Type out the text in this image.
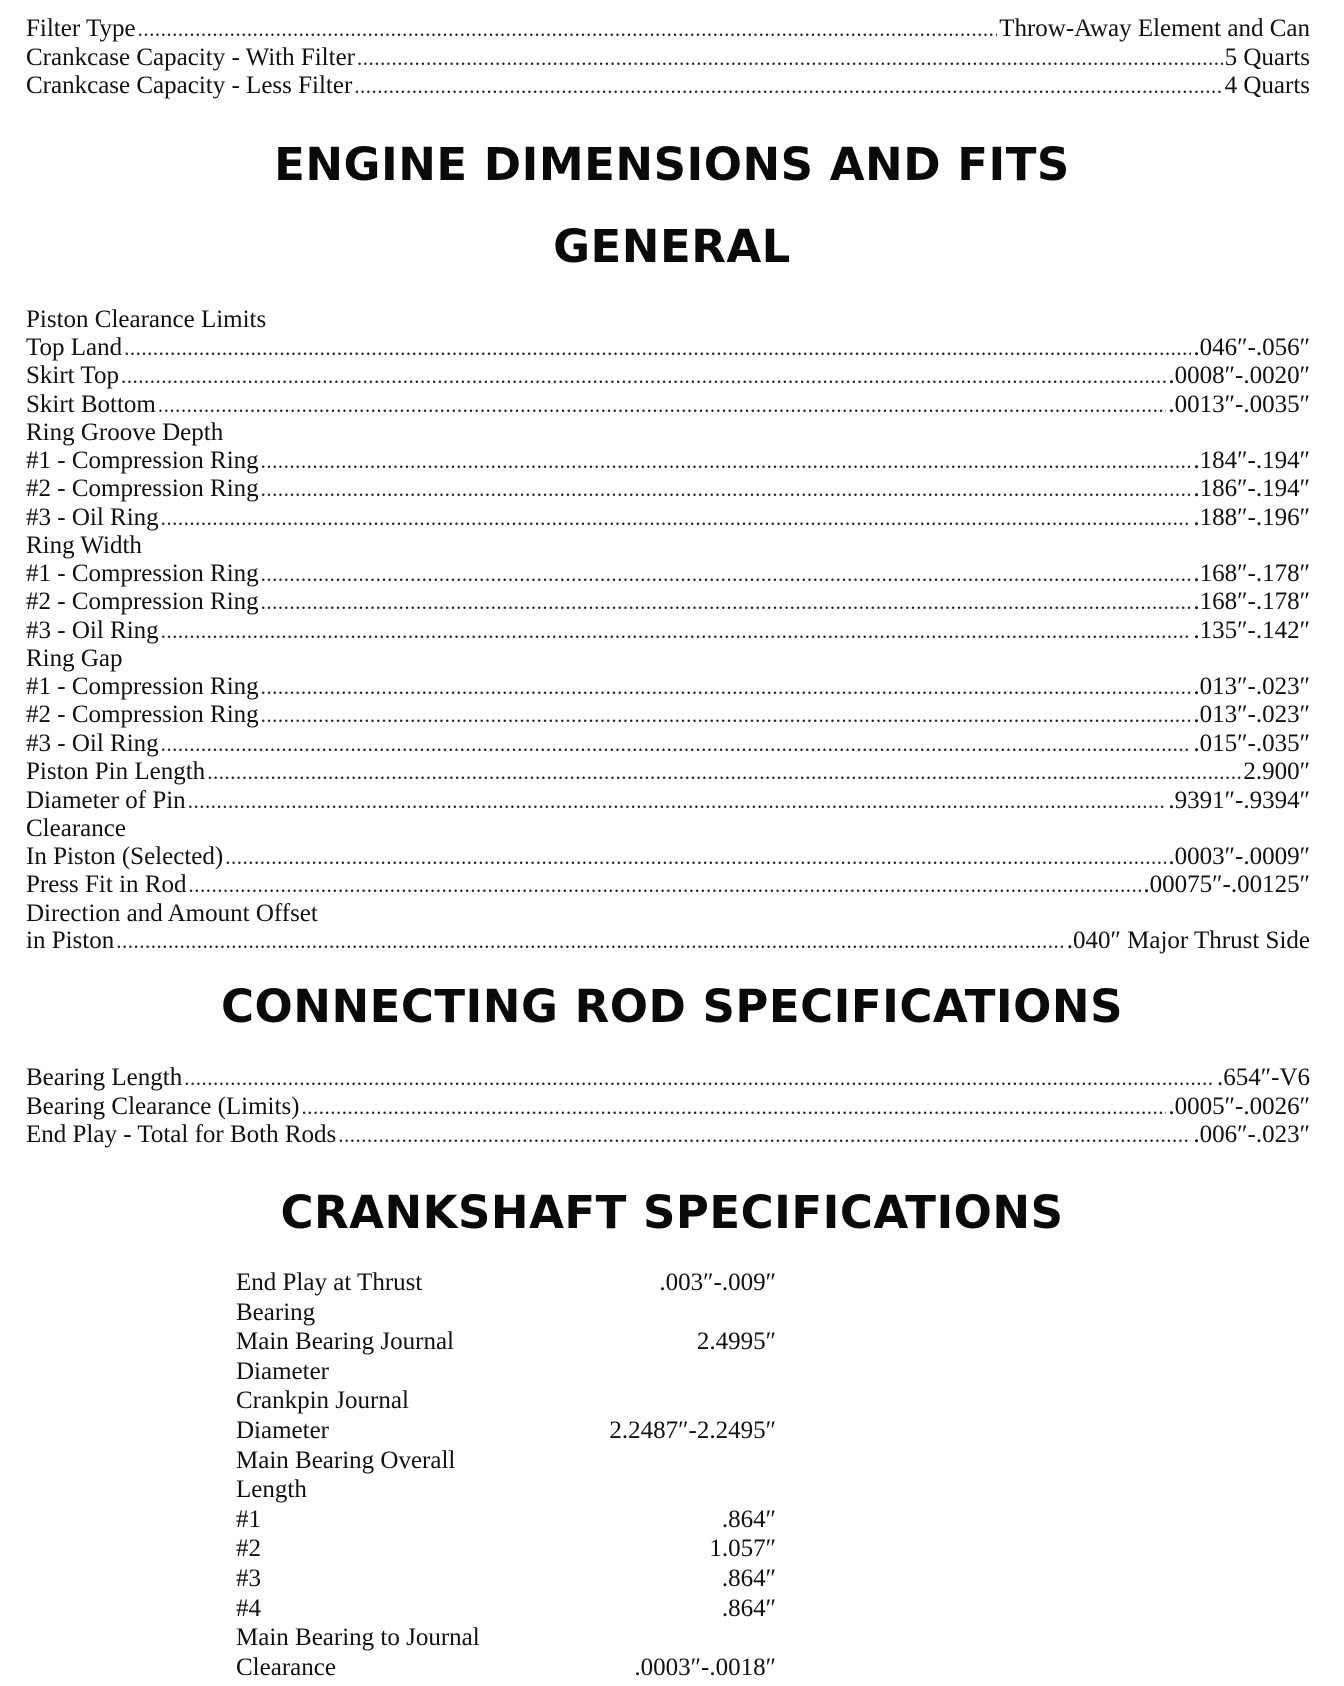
Filter Type .....	Throw-Away Element and Can
Crankcase Capacity - With Filter .....	5 Quarts
Crankcase Capacity - Less Filter .....	4 Quarts
ENGINE DIMENSIONS AND FITS
GENERAL
Piston Clearance Limits
Top Land .....	.046″-.056″
Skirt Top .....	.0008″-.0020″
Skirt Bottom .....	.0013″-.0035″
Ring Groove Depth
#1 - Compression Ring .....	.184″-.194″
#2 - Compression Ring .....	.186″-.194″
#3 - Oil Ring .....	.188″-.196″
Ring Width
#1 - Compression Ring .....	.168″-.178″
#2 - Compression Ring .....	.168″-.178″
#3 - Oil Ring .....	.135″-.142″
Ring Gap
#1 - Compression Ring .....	.013″-.023″
#2 - Compression Ring .....	.013″-.023″
#3 - Oil Ring .....	.015″-.035″
Piston Pin Length .....	2.900″
Diameter of Pin .....	.9391″-.9394″
Clearance
In Piston (Selected) .....	.0003″-.0009″
Press Fit in Rod .....	.00075″-.00125″
Direction and Amount Offset
in Piston .....	.040″ Major Thrust Side
CONNECTING ROD SPECIFICATIONS
Bearing Length .....	.654″-V6
Bearing Clearance (Limits) .....	.0005″-.0026″
End Play - Total for Both Rods .....	.006″-.023″
CRANKSHAFT SPECIFICATIONS
End Play at Thrust	.003″-.009″
Bearing
Main Bearing Journal	2.4995″
Diameter
Crankpin Journal
Diameter	2.2487″-2.2495″
Main Bearing Overall
Length
#1	.864″
#2	1.057″
#3	.864″
#4	.864″
Main Bearing to Journal
Clearance	.0003″-.0018″
